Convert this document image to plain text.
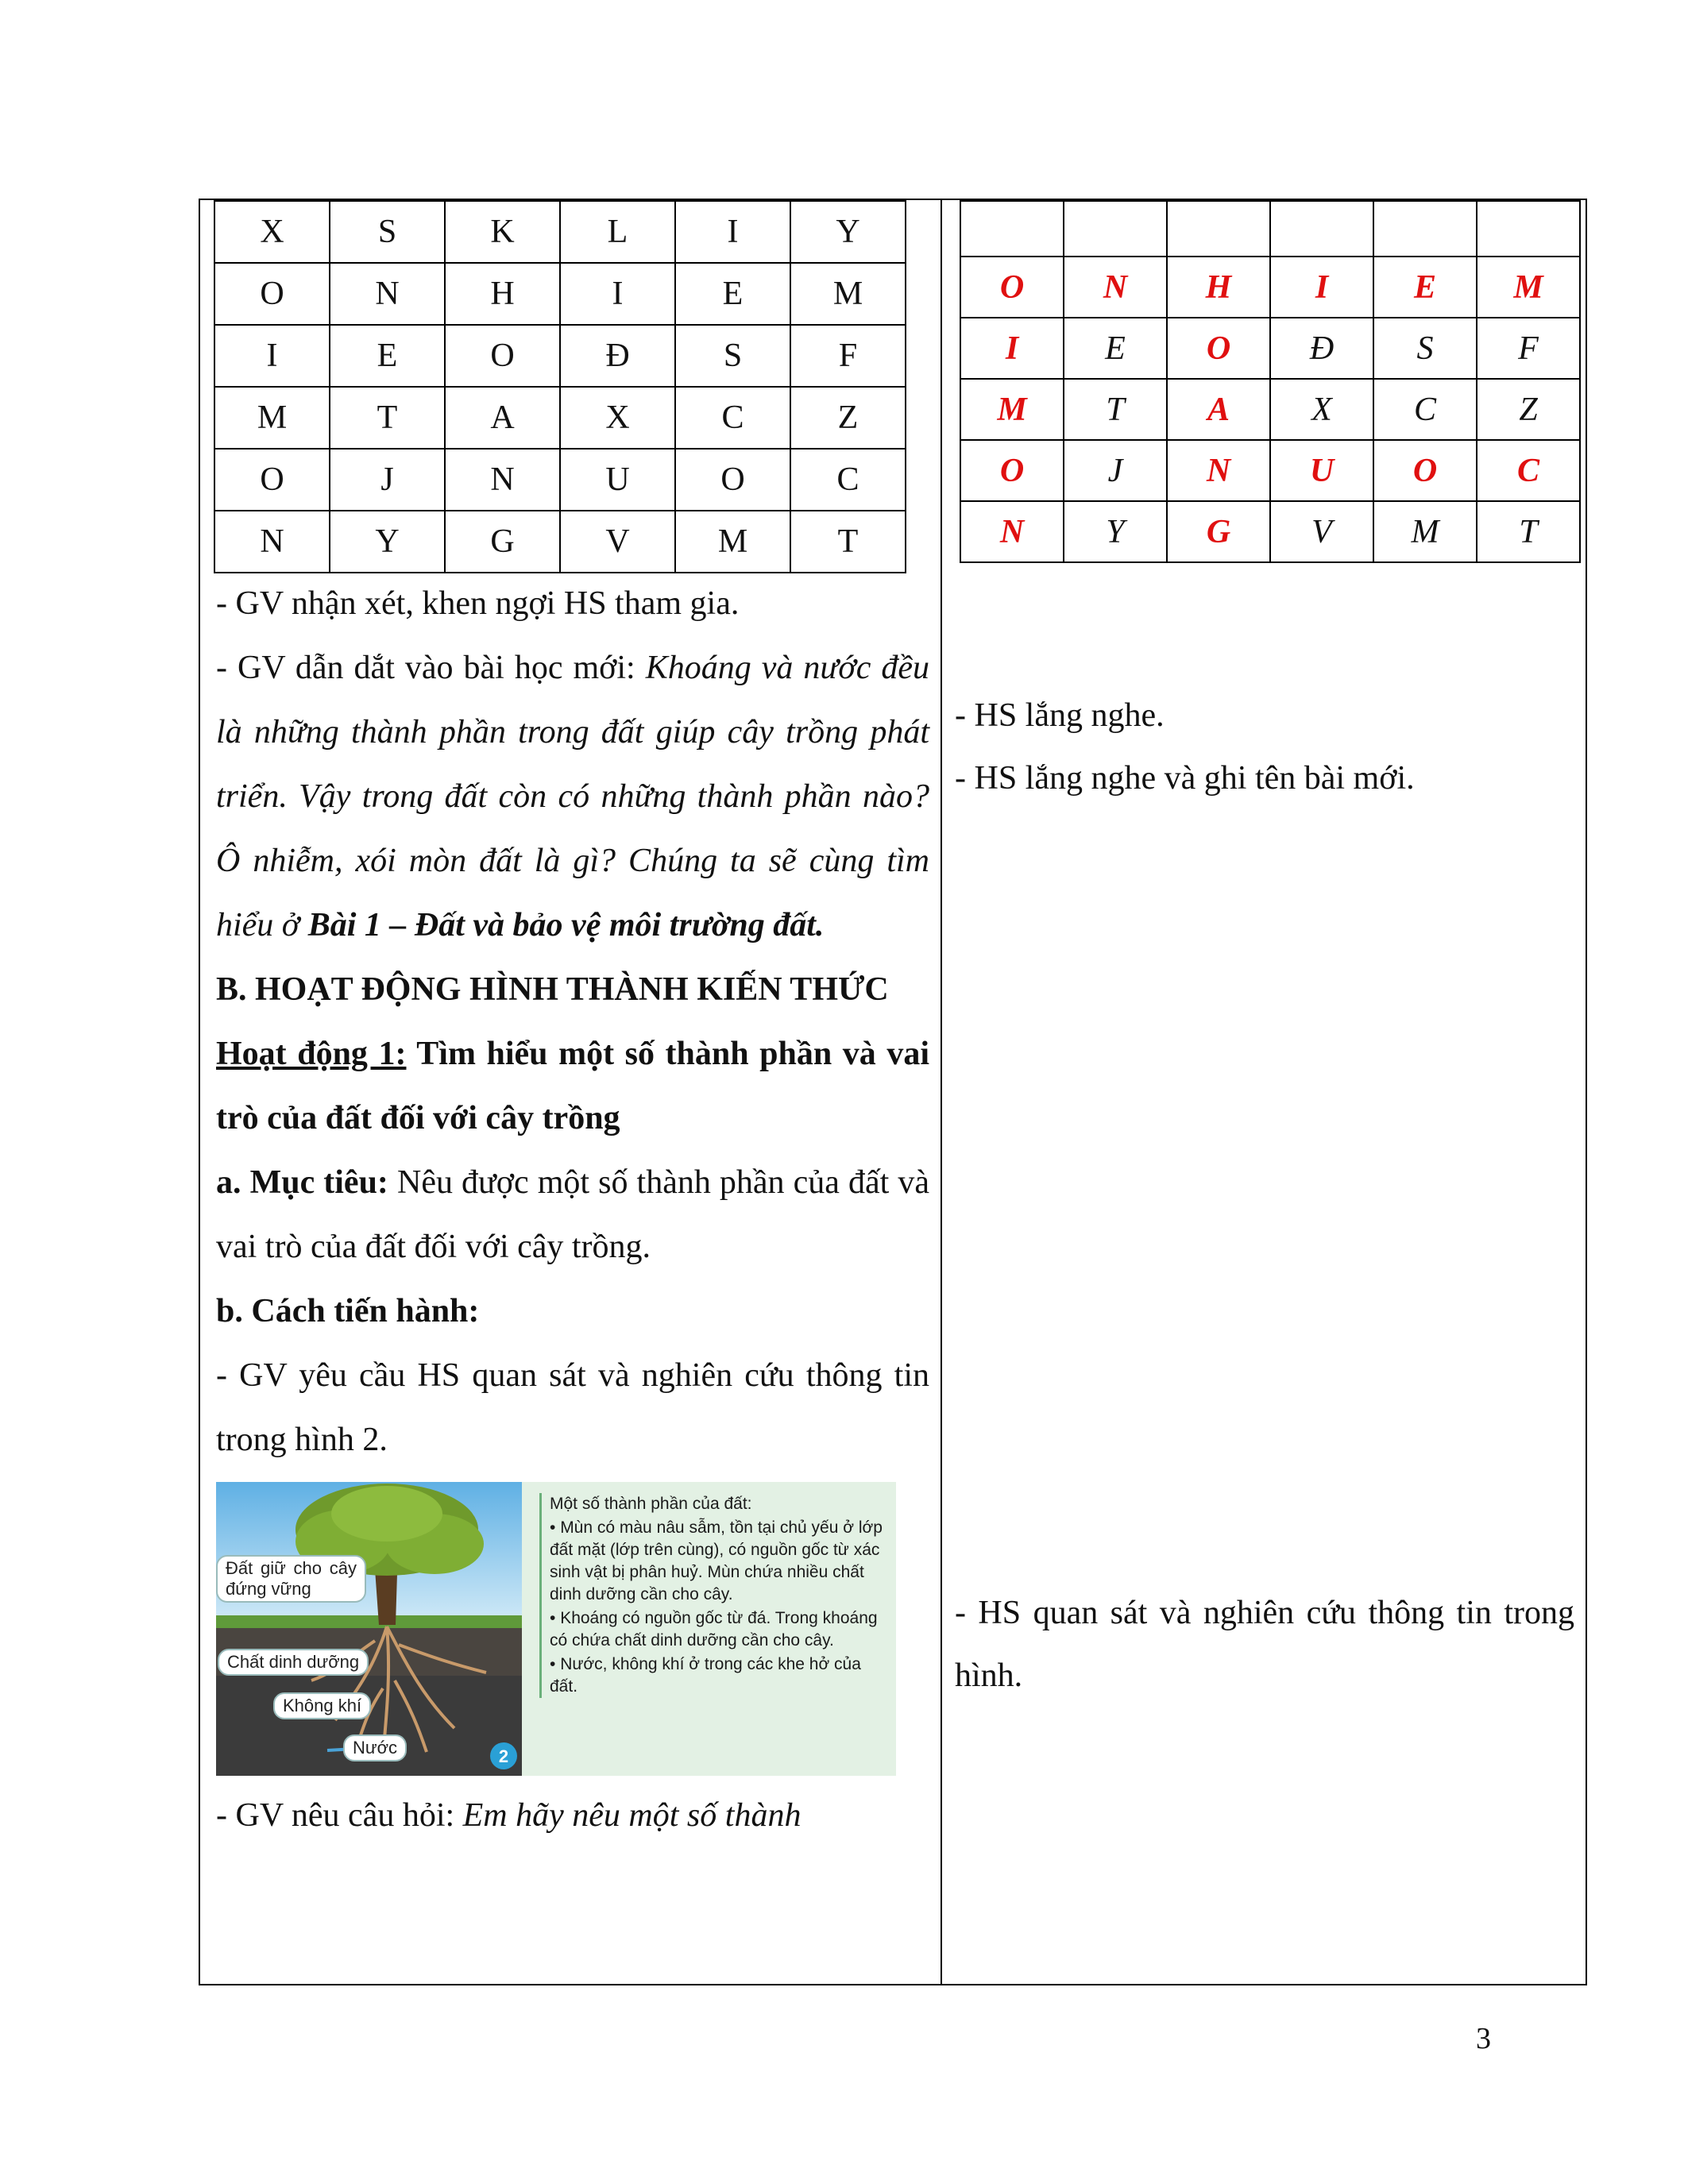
X	S	K	L	I	Y
O	N	H	I	E	M
I	E	O	Đ	S	F
M	T	A	X	C	Z
O	J	N	U	O	C
N	Y	G	V	M	T

- GV nhận xét, khen ngợi HS tham gia.

- GV dẫn dắt vào bài học mới: Khoáng và nước đều là những thành phần trong đất giúp cây trồng phát triển. Vậy trong đất còn có những thành phần nào? Ô nhiễm, xói mòn đất là gì? Chúng ta sẽ cùng tìm hiểu ở Bài 1 – Đất và bảo vệ môi trường đất.

B. HOẠT ĐỘNG HÌNH THÀNH KIẾN THỨC

Hoạt động 1: Tìm hiểu một số thành phần và vai trò của đất đối với cây trồng

a. Mục tiêu: Nêu được một số thành phần của đất và vai trò của đất đối với cây trồng.

b. Cách tiến hành:

- GV yêu cầu HS quan sát và nghiên cứu thông tin trong hình 2.

2
Đất giữ cho cây đứng vững
Chất dinh dưỡng
Không khí
Nước

Một số thành phần của đất:

• Mùn có màu nâu sẫm, tồn tại chủ yếu ở lớp đất mặt (lớp trên cùng), có nguồn gốc từ xác sinh vật bị phân huỷ. Mùn chứa nhiều chất dinh dưỡng cần cho cây.

• Khoáng có nguồn gốc từ đá. Trong khoáng có chứa chất dinh dưỡng cần cho cây.

• Nước, không khí ở trong các khe hở của đất.

- GV nêu câu hỏi: Em hãy nêu một số thành

O	N	H	I	E	M
I	E	O	Đ	S	F
M	T	A	X	C	Z
O	J	N	U	O	C
N	Y	G	V	M	T

- HS lắng nghe.

- HS lắng nghe và ghi tên bài mới.

- HS quan sát và nghiên cứu thông tin trong hình.

3
